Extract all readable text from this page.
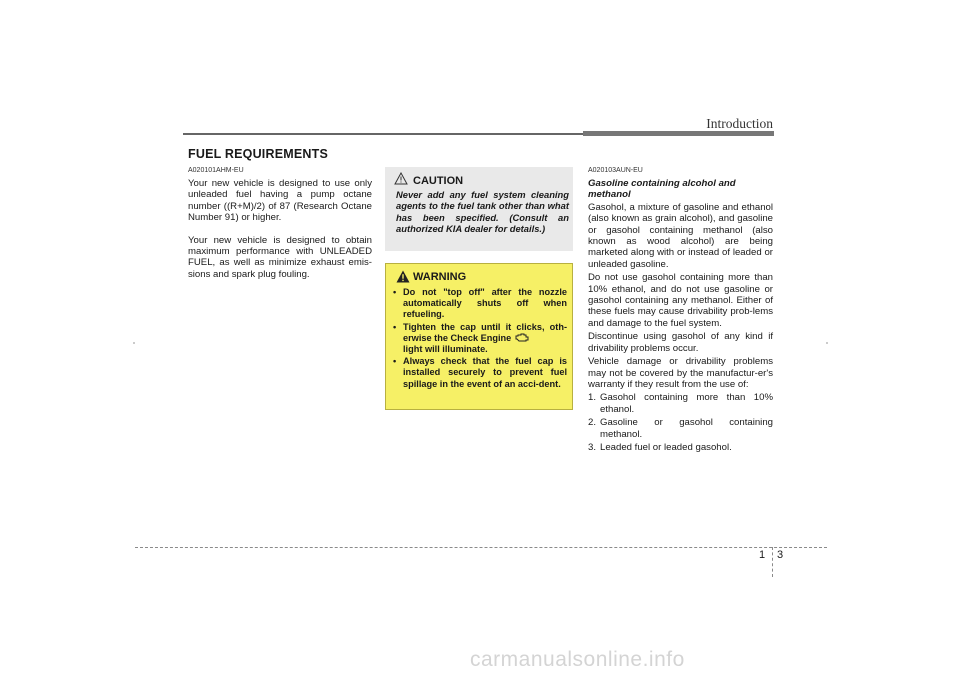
Introduction
FUEL REQUIREMENTS
A020101AHM-EU

Your new vehicle is designed to use only unleaded fuel having a pump octane number ((R+M)/2) of 87 (Research Octane Number 91) or higher.

Your new vehicle is designed to obtain maximum performance with UNLEADED FUEL, as well as minimize exhaust emis-sions and spark plug fouling.

CAUTION

Never add any fuel system cleaning agents to the fuel tank other than what has been specified. (Consult an authorized KIA dealer for details.)

WARNING
• Do not "top off" after the nozzle automatically shuts off when refueling.
• Tighten the cap until it clicks, oth-erwise the Check Engine
light will illuminate.
• Always check that the fuel cap is installed securely to prevent fuel spillage in the event of an acci-dent.
A020103AUN-EU

Gasoline containing alcohol and methanol

Gasohol, a mixture of gasoline and ethanol (also known as grain alcohol), and gasoline or gasohol containing methanol (also known as wood alcohol) are being marketed along with or instead of leaded or unleaded gasoline.

Do not use gasohol containing more than 10% ethanol, and do not use gasoline or gasohol containing any methanol. Either of these fuels may cause drivability prob-lems and damage to the fuel system.

Discontinue using gasohol of any kind if drivability problems occur.

Vehicle damage or drivability problems may not be covered by the manufactur-er's warranty if they result from the use of:

1. Gasohol containing more than 10% ethanol.
2. Gasoline or gasohol containing methanol.
3. Leaded fuel or leaded gasohol.
1 3
carmanualsonline.info
